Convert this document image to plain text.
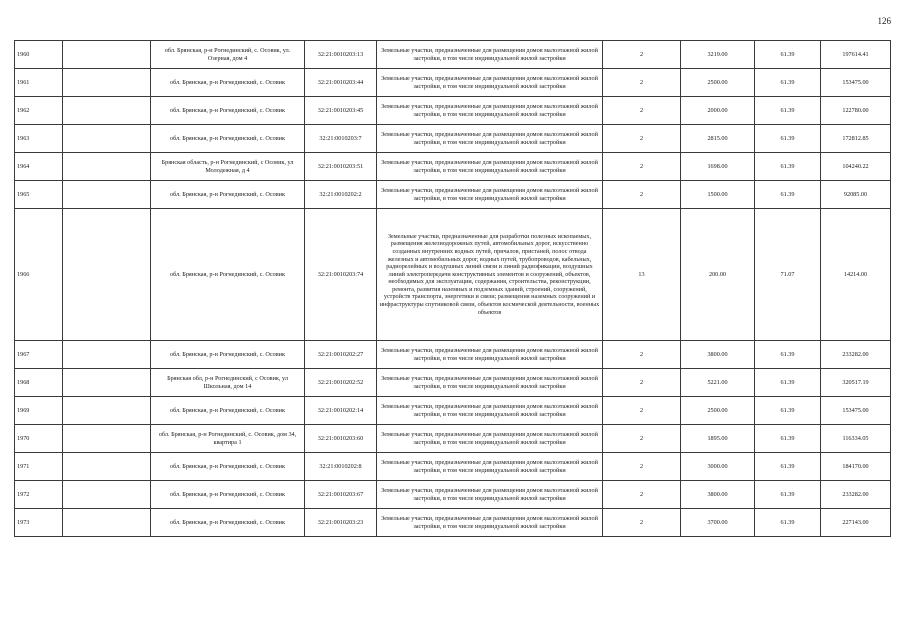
126
1960		обл. Брянская, р-н Рогнединский, с. Осовик, ул. Озерная, дом 4	32:21:0010203:13	Земельные участки, предназначенные для размещения домов малоэтажной жилой застройки, в том числе индивидуальной жилой застройки	2	3219.00	61.39	197614.41
1961		обл. Брянская, р-н Рогнединский, с. Осовик	32:21:0010203:44	Земельные участки, предназначенные для размещения домов малоэтажной жилой застройки, в том числе индивидуальной жилой застройки	2	2500.00	61.39	153475.00
1962		обл. Брянская, р-н Рогнединский, с. Осовик	32:21:0010203:45	Земельные участки, предназначенные для размещения домов малоэтажной жилой застройки, в том числе индивидуальной жилой застройки	2	2000.00	61.39	122780.00
1963		обл. Брянская, р-н Рогнединский, с. Осовик	32:21:0010203:7	Земельные участки, предназначенные для размещения домов малоэтажной жилой застройки, в том числе индивидуальной жилой застройки	2	2815.00	61.39	172812.85
1964		Брянская область, р-н Рогнединский, с Осовик, ул Молодежная, д 4	32:21:0010203:51	Земельные участки, предназначенные для размещения домов малоэтажной жилой застройки, в том числе индивидуальной жилой застройки	2	1698.00	61.39	104240.22
1965		обл. Брянская, р-н Рогнединский, с. Осовик	32:21:0010202:2	Земельные участки, предназначенные для размещения домов малоэтажной жилой застройки, в том числе индивидуальной жилой застройки	2	1500.00	61.39	92085.00
1966		обл. Брянская, р-н Рогнединский, с. Осовик	32:21:0010203:74	Земельные участки, предназначенные для разработки полезных ископаемых, размещения железнодорожных путей, автомобильных дорог, искусственно созданных внутренних водных путей, причалов, пристаней, полос отвода железных и автомобильных дорог, водных путей, трубопроводов, кабельных, радиорелейных и воздушных линий связи и линий радиофикации, воздушных линий электропередачи конструктивных элементов и сооружений, объектов, необходимых для эксплуатации, содержания, строительства, реконструкции, ремонта, развития наземных и подземных зданий, строений, сооружений, устройств транспорта, энергетики и связи; размещения наземных сооружений и инфраструктуры спутниковой связи, объектов космической деятельности, военных объектов	13	200.00	71.07	14214.00
1967		обл. Брянская, р-н Рогнединский, с. Осовик	32:21:0010202:27	Земельные участки, предназначенные для размещения домов малоэтажной жилой застройки, в том числе индивидуальной жилой застройки	2	3800.00	61.39	233282.00
1968		Брянская обл, р-н Рогнединский, с Осовик, ул Школьная, дом 14	32:21:0010202:52	Земельные участки, предназначенные для размещения домов малоэтажной жилой застройки, в том числе индивидуальной жилой застройки	2	5221.00	61.39	320517.19
1969		обл. Брянская, р-н Рогнединский, с. Осовик	32:21:0010202:14	Земельные участки, предназначенные для размещения домов малоэтажной жилой застройки, в том числе индивидуальной жилой застройки	2	2500.00	61.39	153475.00
1970		обл. Брянская, р-н Рогнединский, с. Осовик, дом 34, квартира 1	32:21:0010203:60	Земельные участки, предназначенные для размещения домов малоэтажной жилой застройки, в том числе индивидуальной жилой застройки	2	1895.00	61.39	116334.05
1971		обл. Брянская, р-н Рогнединский, с. Осовик	32:21:0010202:8	Земельные участки, предназначенные для размещения домов малоэтажной жилой застройки, в том числе индивидуальной жилой застройки	2	3000.00	61.39	184170.00
1972		обл. Брянская, р-н Рогнединский, с. Осовик	32:21:0010203:67	Земельные участки, предназначенные для размещения домов малоэтажной жилой застройки, в том числе индивидуальной жилой застройки	2	3800.00	61.39	233282.00
1973		обл. Брянская, р-н Рогнединский, с. Осовик	32:21:0010203:23	Земельные участки, предназначенные для размещения домов малоэтажной жилой застройки, в том числе индивидуальной жилой застройки	2	3700.00	61.39	227143.00
